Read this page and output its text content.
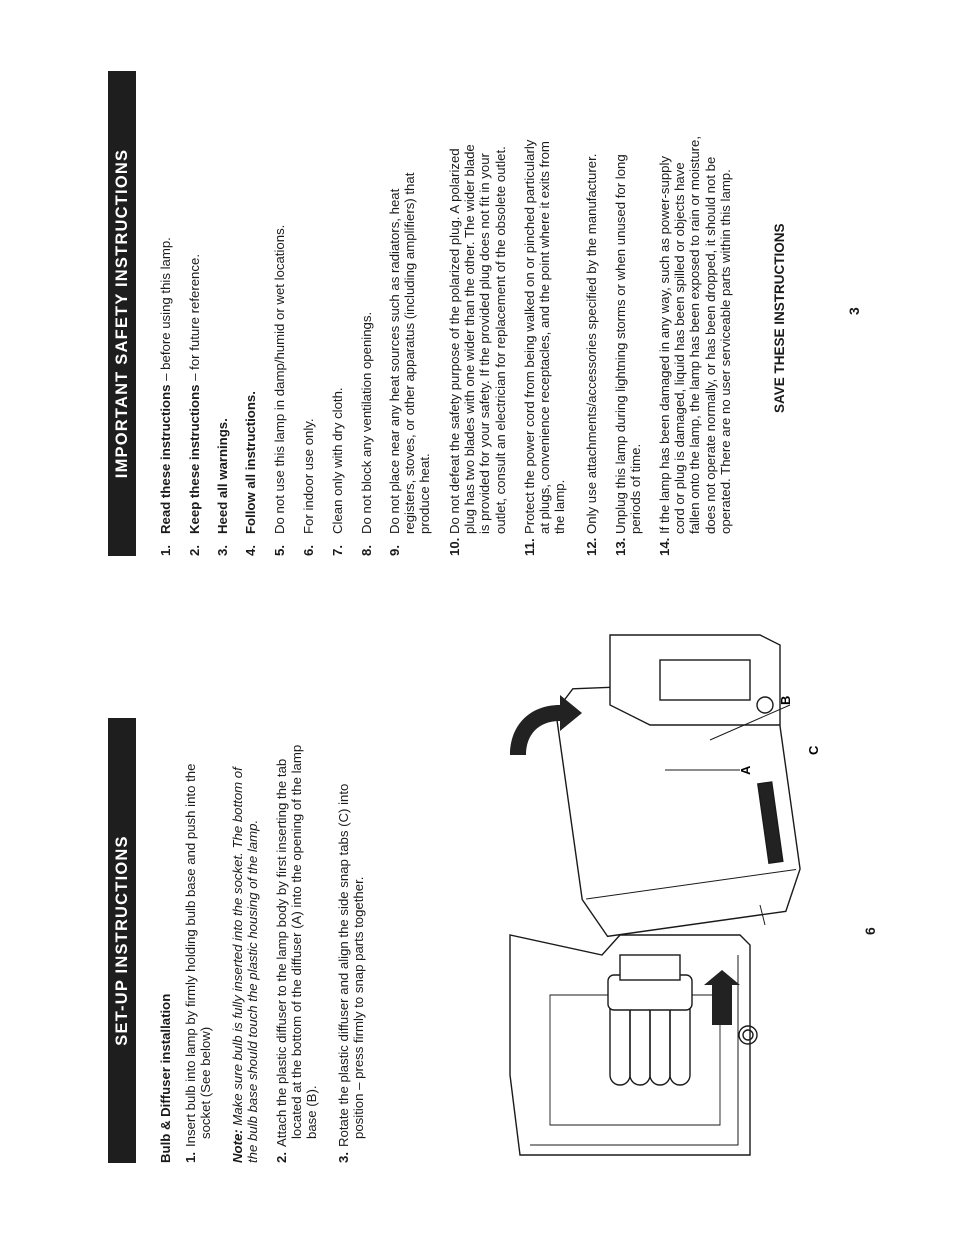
SET-UP INSTRUCTIONS
Bulb & Diffuser installation 1.
Insert bulb into lamp by firmly holding bulb base and push into the socket (See below)
Note: Make sure bulb is fully inserted into the socket. The bottom of the bulb base should touch the plastic housing of the lamp. 2.
Attach the plastic diffuser to the lamp body by first inserting the tab located at the bottom of the diffuser (A) into the opening of the lamp base (B).
3.
Rotate the plastic diffuser and align the side snap tabs (C) into position – press firmly to snap parts together.
A
B
C
6
IMPORTANT SAFETY INSTRUCTIONS
1.
Read these instructions – before using this lamp.
2.
Keep these instructions – for future reference.
3.
Heed all warnings.
4.
Follow all instructions.
5.
Do not use this lamp in damp/humid or wet locations.
6.
For indoor use only.
7.
Clean only with dry cloth.
8.
Do not block any ventilation openings.
9.
Do not place near any heat sources such as radiators, heat registers, stoves, or other apparatus (including amplifiers) that produce heat.
10.
Do not defeat the safety purpose of the polarized plug. A polarized plug has two blades with one wider than the other. The wider blade is provided for your safety. If the provided plug does not fit in your outlet, consult an electrician for replacement of the obsolete outlet.
11.
Protect the power cord from being walked on or pinched particularly at plugs, convenience receptacles, and the point where it exits from the lamp.
12.
Only use attachments/accessories specified by the manufacturer.
13.
Unplug this lamp during lightning storms or when unused for long periods of time.
14.
If the lamp has been damaged in any way, such as power-supply cord or plug is damaged, liquid has been spilled or objects have fallen onto the lamp, the lamp has been exposed to rain or moisture, does not operate normally, or has been dropped, it should not be operated. There are no user serviceable parts within this lamp.	SAVE THESE INSTRUCTIONS	3
